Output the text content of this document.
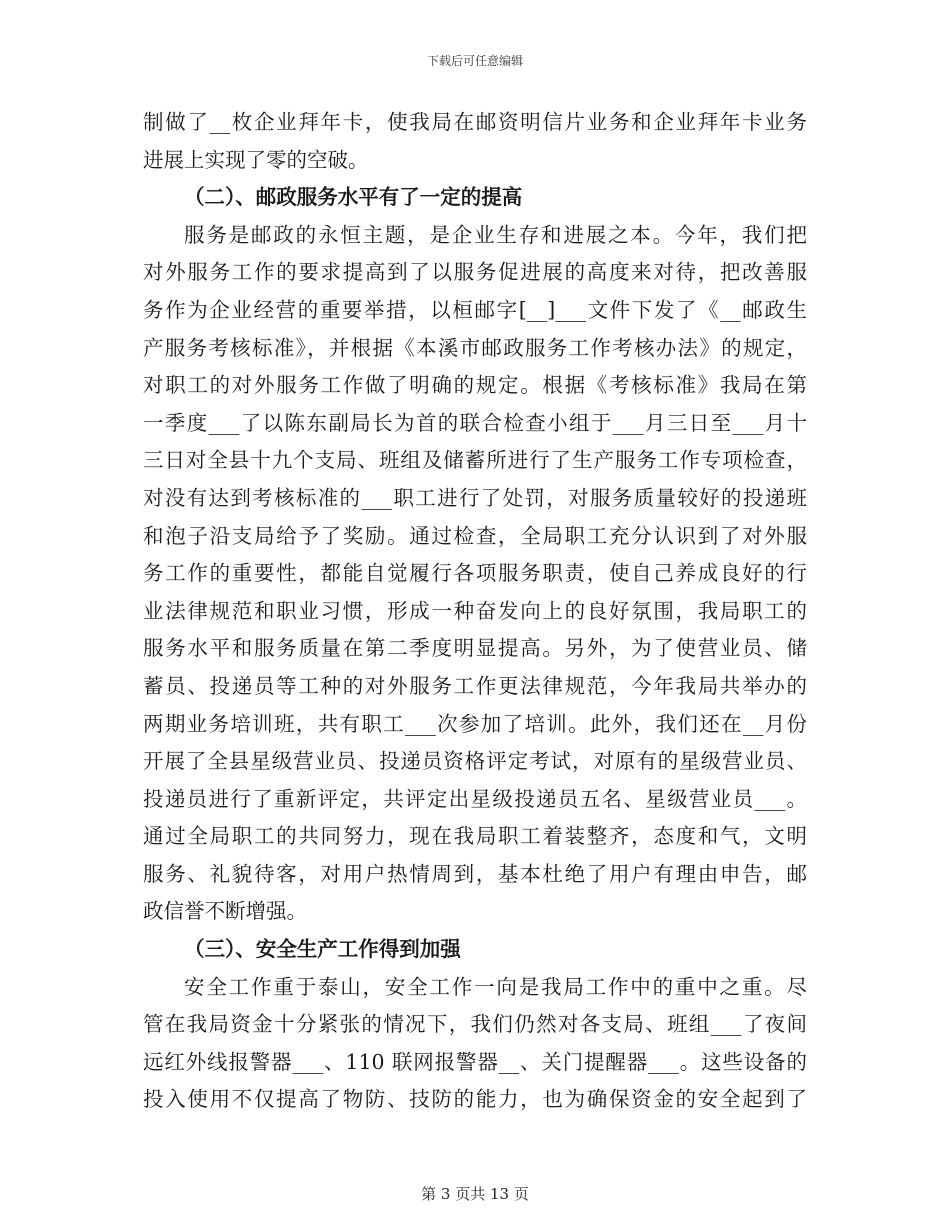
下载后可任意编辑
制做了__枚企业拜年卡，使我局在邮资明信片业务和企业拜年卡业务
进展上实现了零的空破。
（二）、邮政服务水平有了一定的提高
服务是邮政的永恒主题，是企业生存和进展之本。今年，我们把
对外服务工作的要求提高到了以服务促进展的高度来对待，把改善服
务作为企业经营的重要举措，以桓邮字[__]___文件下发了《__邮政生
产服务考核标准》，并根据《本溪市邮政服务工作考核办法》的规定，
对职工的对外服务工作做了明确的规定。根据《考核标准》我局在第
一季度___了以陈东副局长为首的联合检查小组于___月三日至___月十
三日对全县十九个支局、班组及储蓄所进行了生产服务工作专项检查，
对没有达到考核标准的___职工进行了处罚，对服务质量较好的投递班
和泡子沿支局给予了奖励。通过检查，全局职工充分认识到了对外服
务工作的重要性，都能自觉履行各项服务职责，使自己养成良好的行
业法律规范和职业习惯，形成一种奋发向上的良好氛围，我局职工的
服务水平和服务质量在第二季度明显提高。另外，为了使营业员、储
蓄员、投递员等工种的对外服务工作更法律规范，今年我局共举办的
两期业务培训班，共有职工___次参加了培训。此外，我们还在__月份
开展了全县星级营业员、投递员资格评定考试，对原有的星级营业员、
投递员进行了重新评定，共评定出星级投递员五名、星级营业员___。
通过全局职工的共同努力，现在我局职工着装整齐，态度和气，文明
服务、礼貌待客，对用户热情周到，基本杜绝了用户有理由申告，邮
政信誉不断增强。
（三）、安全生产工作得到加强
安全工作重于泰山，安全工作一向是我局工作中的重中之重。尽
管在我局资金十分紧张的情况下，我们仍然对各支局、班组___了夜间
远红外线报警器___、110 联网报警器__、关门提醒器___。这些设备的
投入使用不仅提高了物防、技防的能力，也为确保资金的安全起到了
第 3 页共 13 页
